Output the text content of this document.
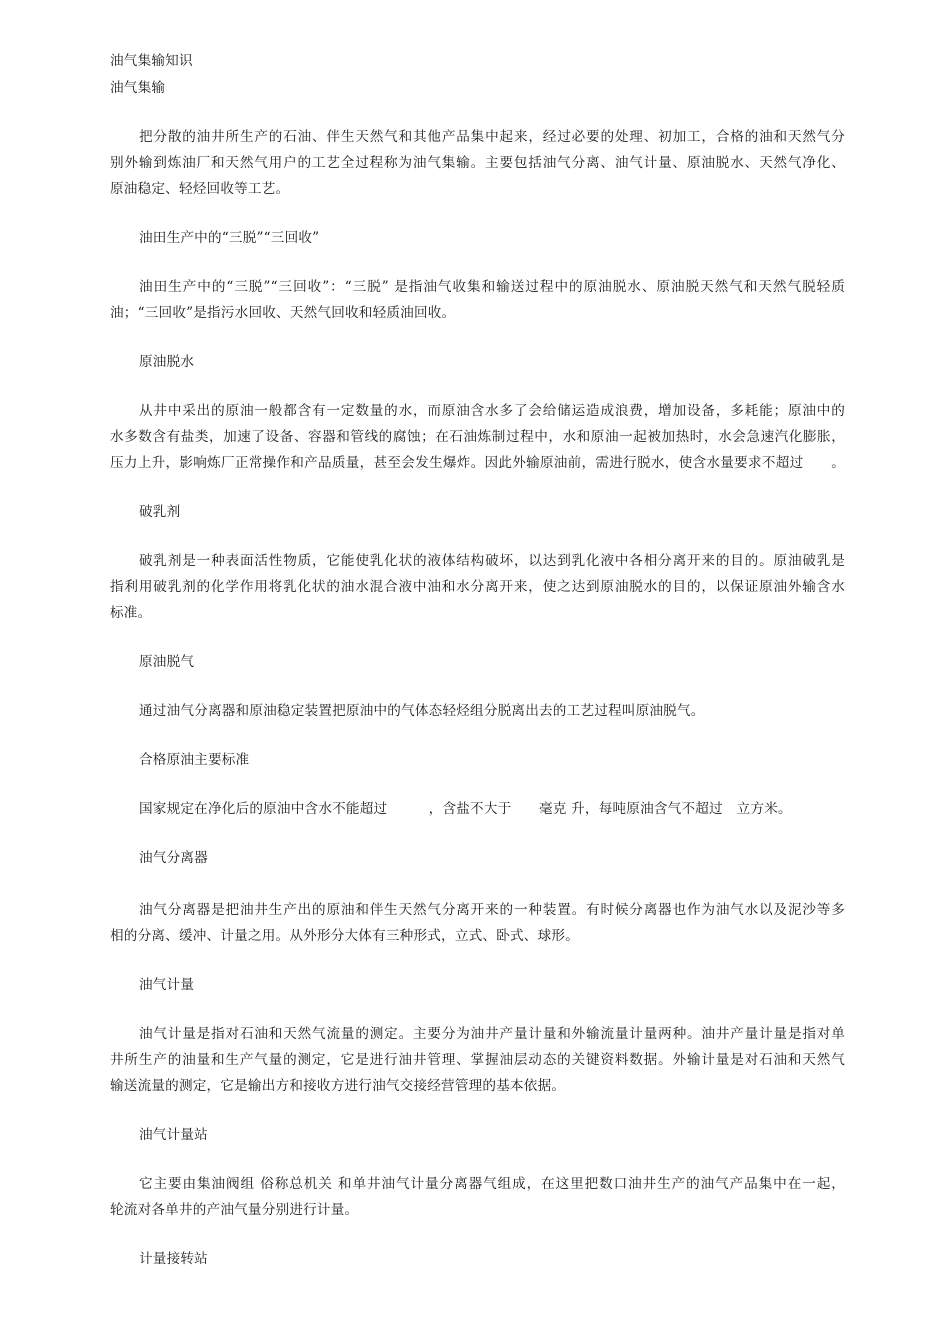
油气集输知识
油气集输
把分散的油井所生产的石油、伴生天然气和其他产品集中起来，经过必要的处理、初加工，合格的油和天然气分
别外输到炼油厂和天然气用户的工艺全过程称为油气集输。主要包括油气分离、油气计量、原油脱水、天然气净化、
原油稳定、轻烃回收等工艺。
油田生产中的“三脱”“三回收”
油田生产中的“三脱”“三回收”：“三脱” 是指油气收集和输送过程中的原油脱水、原油脱天然气和天然气脱轻质
油；“三回收”是指污水回收、天然气回收和轻质油回收。
原油脱水
从井中采出的原油一般都含有一定数量的水，而原油含水多了会给储运造成浪费，增加设备，多耗能；原油中的
水多数含有盐类，加速了设备、容器和管线的腐蚀；在石油炼制过程中，水和原油一起被加热时，水会急速汽化膨胀，
压力上升，影响炼厂正常操作和产品质量，甚至会发生爆炸。因此外输原油前，需进行脱水，使含水量要求不超过　　。
破乳剂
破乳剂是一种表面活性物质，它能使乳化状的液体结构破坏，以达到乳化液中各相分离开来的目的。原油破乳是
指利用破乳剂的化学作用将乳化状的油水混合液中油和水分离开来，使之达到原油脱水的目的，以保证原油外输含水
标准。
原油脱气
通过油气分离器和原油稳定装置把原油中的气体态轻烃组分脱离出去的工艺过程叫原油脱气。
合格原油主要标准
国家规定在净化后的原油中含水不能超过　　　，含盐不大于　　毫克 升，每吨原油含气不超过　立方米。
油气分离器
油气分离器是把油井生产出的原油和伴生天然气分离开来的一种装置。有时候分离器也作为油气水以及泥沙等多
相的分离、缓冲、计量之用。从外形分大体有三种形式，立式、卧式、球形。
油气计量
油气计量是指对石油和天然气流量的测定。主要分为油井产量计量和外输流量计量两种。油井产量计量是指对单
井所生产的油量和生产气量的测定，它是进行油井管理、掌握油层动态的关键资料数据。外输计量是对石油和天然气
输送流量的测定，它是输出方和接收方进行油气交接经营管理的基本依据。
油气计量站
它主要由集油阀组 俗称总机关 和单井油气计量分离器气组成，在这里把数口油井生产的油气产品集中在一起，
轮流对各单井的产油气量分别进行计量。
计量接转站
